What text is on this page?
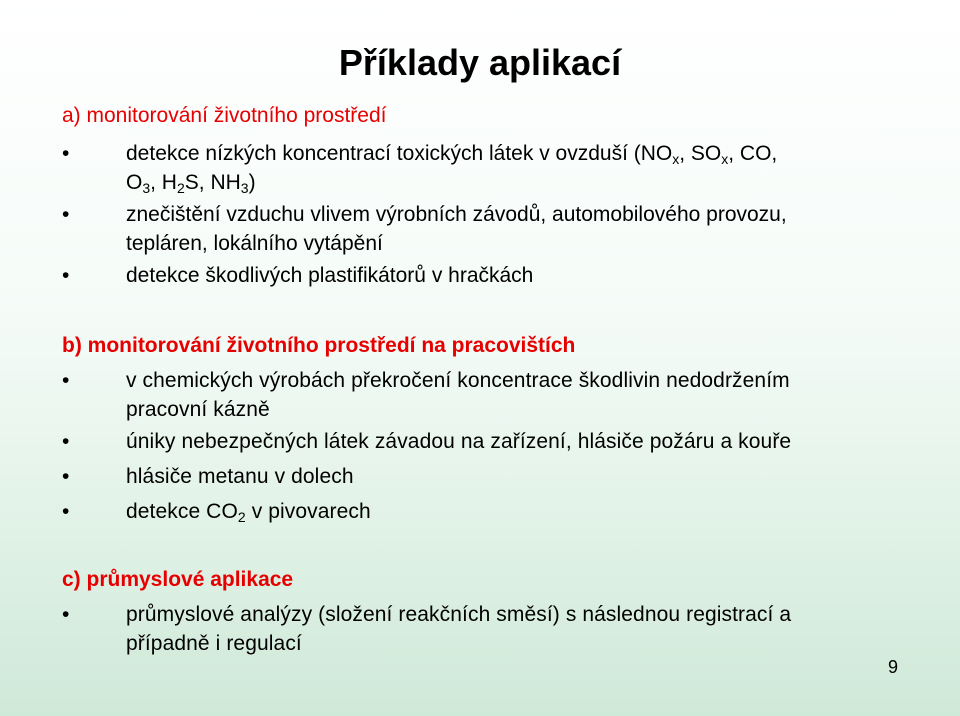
Příklady aplikací
a) monitorování životního prostředí
•	detekce nízkých koncentrací toxických látek v ovzduší ($NO_x$, $SO_x$, CO,
$O_3$, $H_2S$, $NH_3$)
•	znečištění vzduchu vlivem výrobních závodů, automobilového provozu,
tepláren, lokálního vytápění
•	detekce škodlivých plastifikátorů v hračkách
b) monitorování životního prostředí na pracovištích
•	v chemických výrobách překročení koncentrace škodlivin nedodržením
pracovní kázně
•	úniky nebezpečných látek závadou na zařízení, hlásiče požáru a kouře
•	hlásiče metanu v dolech
•	detekce $CO_2$ v pivovarech
c) průmyslové aplikace
•	průmyslové analýzy (složení reakčních směsí) s následnou registrací a
případně i regulací
9
